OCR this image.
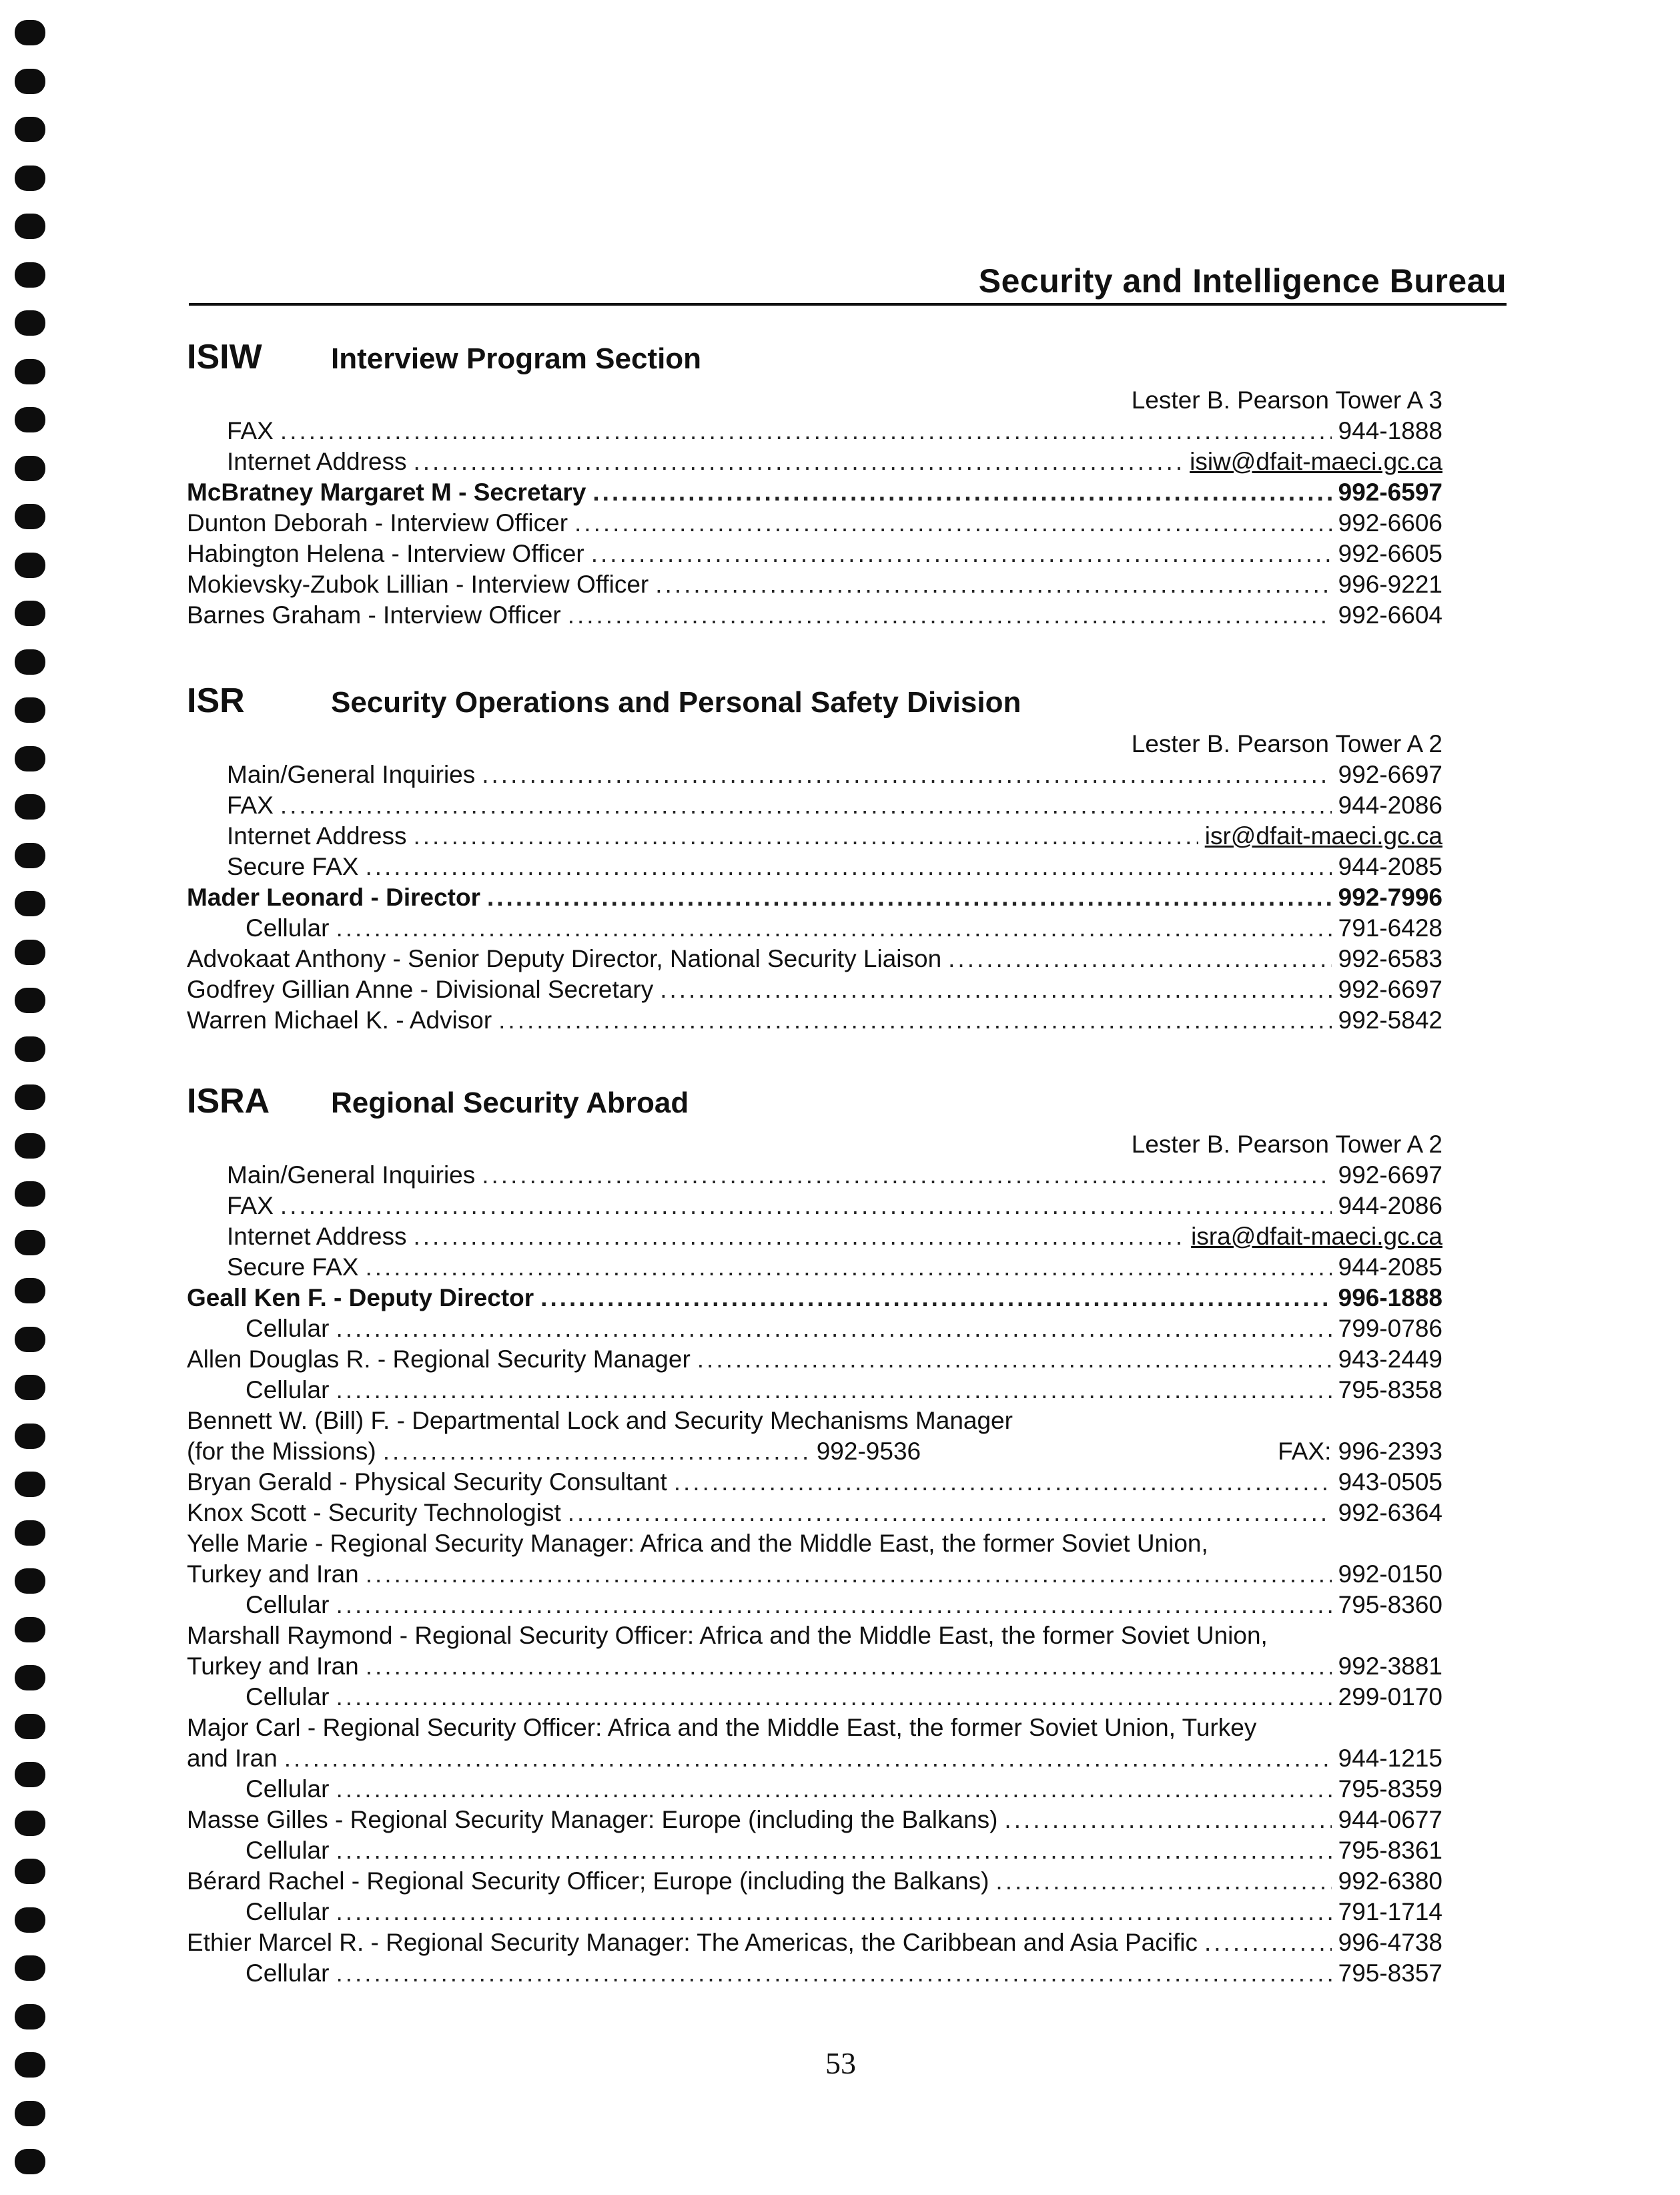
Security and Intelligence Bureau
ISIW Interview Program Section
Lester B. Pearson Tower A 3
FAX .....	944-1888
Internet Address .....	isiw@dfait-maeci.gc.ca
McBratney Margaret M - Secretary .....	992-6597
Dunton Deborah - Interview Officer .....	992-6606
Habington Helena - Interview Officer .....	992-6605
Mokievsky-Zubok Lillian - Interview Officer .....	996-9221
Barnes Graham - Interview Officer .....	992-6604
ISR	Security Operations and Personal Safety Division
Lester B. Pearson Tower A 2
Main/General Inquiries .....	992-6697
FAX .....	944-2086
Internet Address .....	isr@dfait-maeci.gc.ca
Secure FAX .....	944-2085
Mader Leonard - Director .....	992-7996
Cellular .....	791-6428
Advokaat Anthony - Senior Deputy Director, National Security Liaison .....	992-6583
Godfrey Gillian Anne - Divisional Secretary .....	992-6697
Warren Michael K. - Advisor .....	992-5842
ISRA Regional Security Abroad
Lester B. Pearson Tower A 2
Main/General Inquiries .....	992-6697
FAX .....	944-2086
Internet Address .....	isra@dfait-maeci.gc.ca
Secure FAX .....	944-2085
Geall Ken F. - Deputy Director .....	996-1888
Cellular .....	799-0786
Allen Douglas R. - Regional Security Manager .....	943-2449
Cellular .....	795-8358
Bennett W. (Bill) F. - Departmental Lock and Security Mechanisms Manager
(for the Missions) .....	992-9536	FAX: 996-2393
Bryan Gerald - Physical Security Consultant .....	943-0505
Knox Scott - Security Technologist .....	992-6364
Yelle Marie - Regional Security Manager: Africa and the Middle East, the former Soviet Union,
Turkey and Iran .....	992-0150
Cellular .....	795-8360
Marshall Raymond - Regional Security Officer: Africa and the Middle East, the former Soviet Union,
Turkey and Iran .....	992-3881
Cellular .....	299-0170
Major Carl - Regional Security Officer: Africa and the Middle East, the former Soviet Union, Turkey
and Iran .....	944-1215
Cellular .....	795-8359
Masse Gilles - Regional Security Manager: Europe (including the Balkans) .....	944-0677
Cellular .....	795-8361
Bérard Rachel - Regional Security Officer; Europe (including the Balkans) .....	992-6380
Cellular .....	791-1714
Ethier Marcel R. - Regional Security Manager: The Americas, the Caribbean and Asia Pacific .....	996-4738
Cellular .....	795-8357
53
